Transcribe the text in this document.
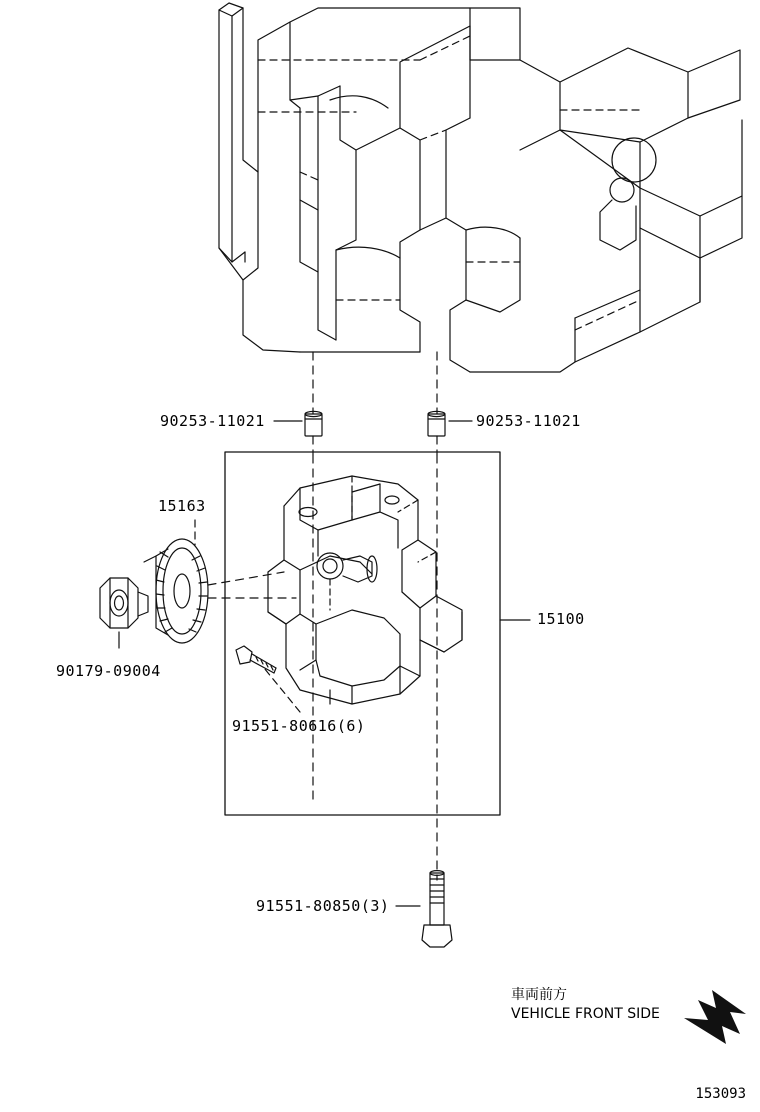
90253-11021	90253-11021
15163
90179-09004
91551-80616(6)
15100
91551-80850(3)
車両前方
VEHICLE FRONT SIDE
153093
